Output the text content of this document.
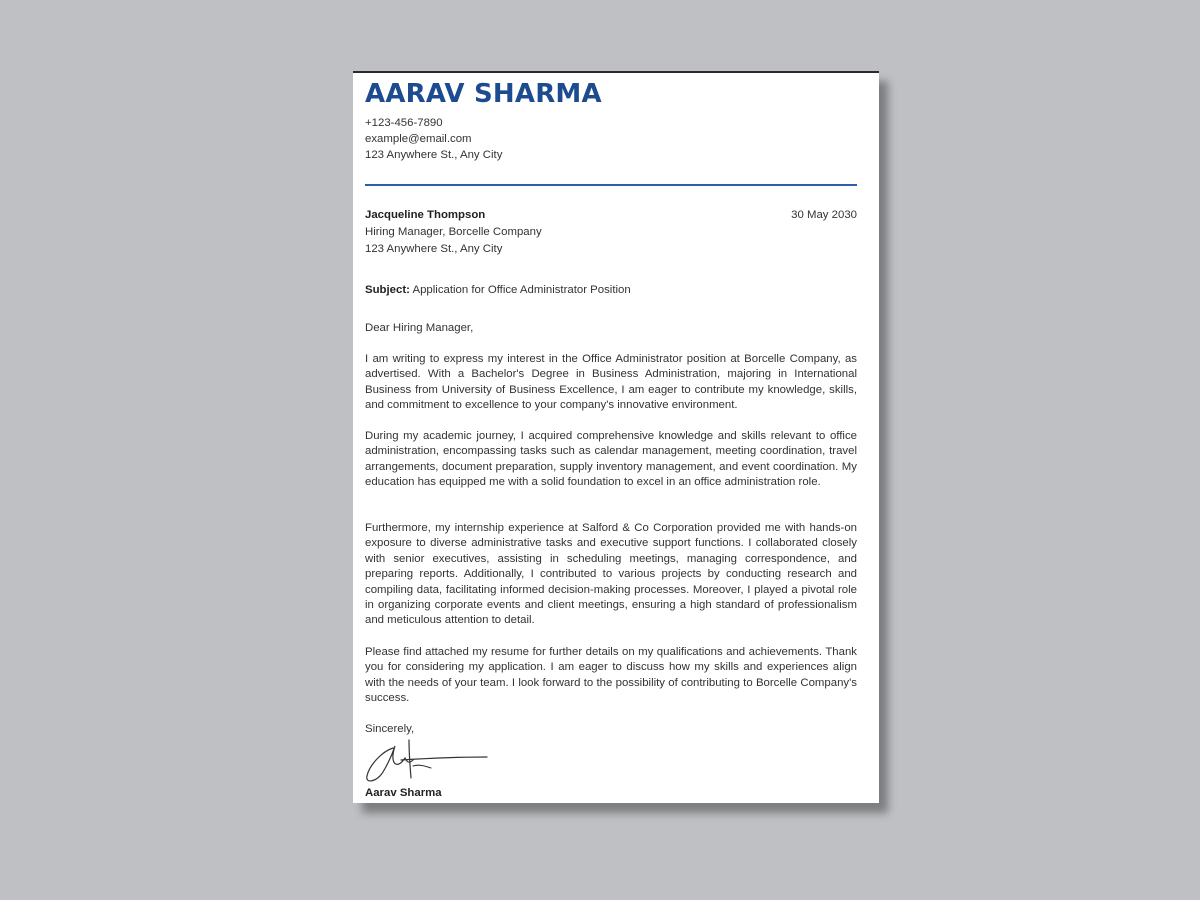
AARAV SHARMA
+123-456-7890
example@email.com
123 Anywhere St., Any City
Jacqueline Thompson
Hiring Manager, Borcelle Company
123 Anywhere St., Any City
30 May 2030
Subject: Application for Office Administrator Position
Dear Hiring Manager,
I am writing to express my interest in the Office Administrator position at Borcelle Company, as advertised. With a Bachelor's Degree in Business Administration, majoring in International Business from University of Business Excellence, I am eager to contribute my knowledge, skills, and commitment to excellence to your company's innovative environment.
During my academic journey, I acquired comprehensive knowledge and skills relevant to office administration, encompassing tasks such as calendar management, meeting coordination, travel arrangements, document preparation, supply inventory management, and event coordination. My education has equipped me with a solid foundation to excel in an office administration role.
Furthermore, my internship experience at Salford & Co Corporation provided me with hands-on exposure to diverse administrative tasks and executive support functions. I collaborated closely with senior executives, assisting in scheduling meetings, managing correspondence, and preparing reports. Additionally, I contributed to various projects by conducting research and compiling data, facilitating informed decision-making processes. Moreover, I played a pivotal role in organizing corporate events and client meetings, ensuring a high standard of professionalism and meticulous attention to detail.
Please find attached my resume for further details on my qualifications and achievements. Thank you for considering my application. I am eager to discuss how my skills and experiences align with the needs of your team. I look forward to the possibility of contributing to Borcelle Company's success.
Sincerely,
Aarav Sharma
